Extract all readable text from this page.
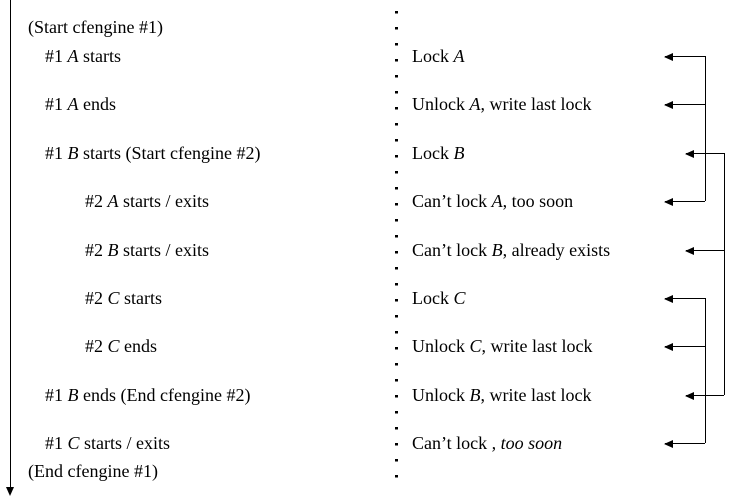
(Start cfengine #1)
#1 A starts
#1 A ends
#1 B starts (Start cfengine #2)
#2 A starts / exits
#2 B starts / exits
#2 C starts
#2 C ends
#1 B ends (End cfengine #2)
#1 C starts / exits
(End cfengine #1)
Lock A
Unlock A, write last lock
Lock B
Can’t lock A, too soon
Can’t lock B, already exists
Lock C
Unlock C, write last lock
Unlock B, write last lock
Can’t lock , too soon
